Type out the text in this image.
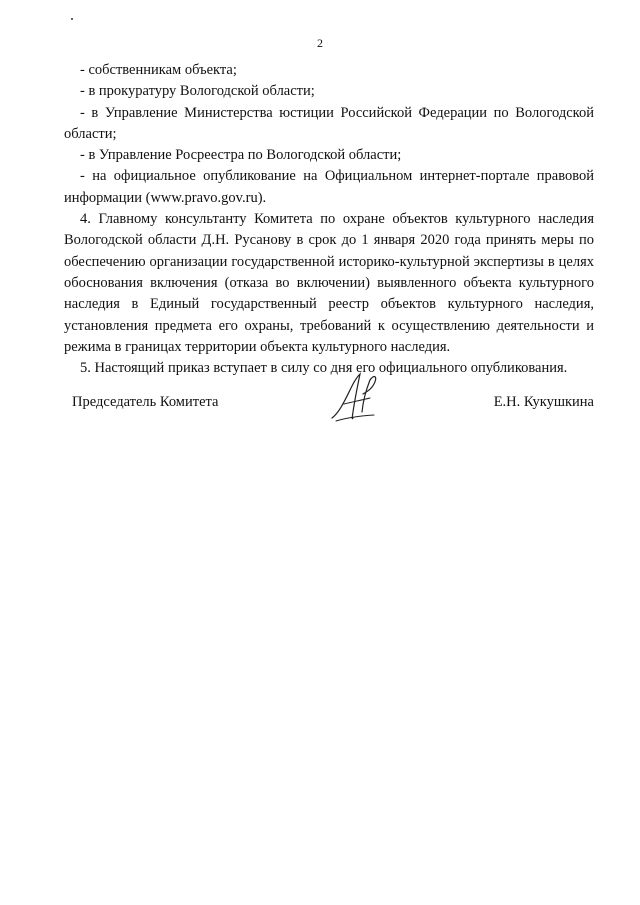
2

- собственникам объекта;

- в прокуратуру Вологодской области;

- в Управление Министерства юстиции Российской Федерации по Вологодской области;

- в Управление Росреестра по Вологодской области;

- на официальное опубликование на Официальном интернет-портале правовой информации (www.pravo.gov.ru).

4. Главному консультанту Комитета по охране объектов культурного наследия Вологодской области Д.Н. Русанову в срок до 1 января 2020 года принять меры по обеспечению организации государственной историко-культурной экспертизы в целях обоснования включения (отказа во включении) выявленного объекта культурного наследия в Единый государственный реестр объектов культурного наследия, установления предмета его охраны, требований к осуществлению деятельности и режима в границах территории объекта культурного наследия.

5. Настоящий приказ вступает в силу со дня его официального опубликования.

Председатель Комитета	Е.Н. Кукушкина
